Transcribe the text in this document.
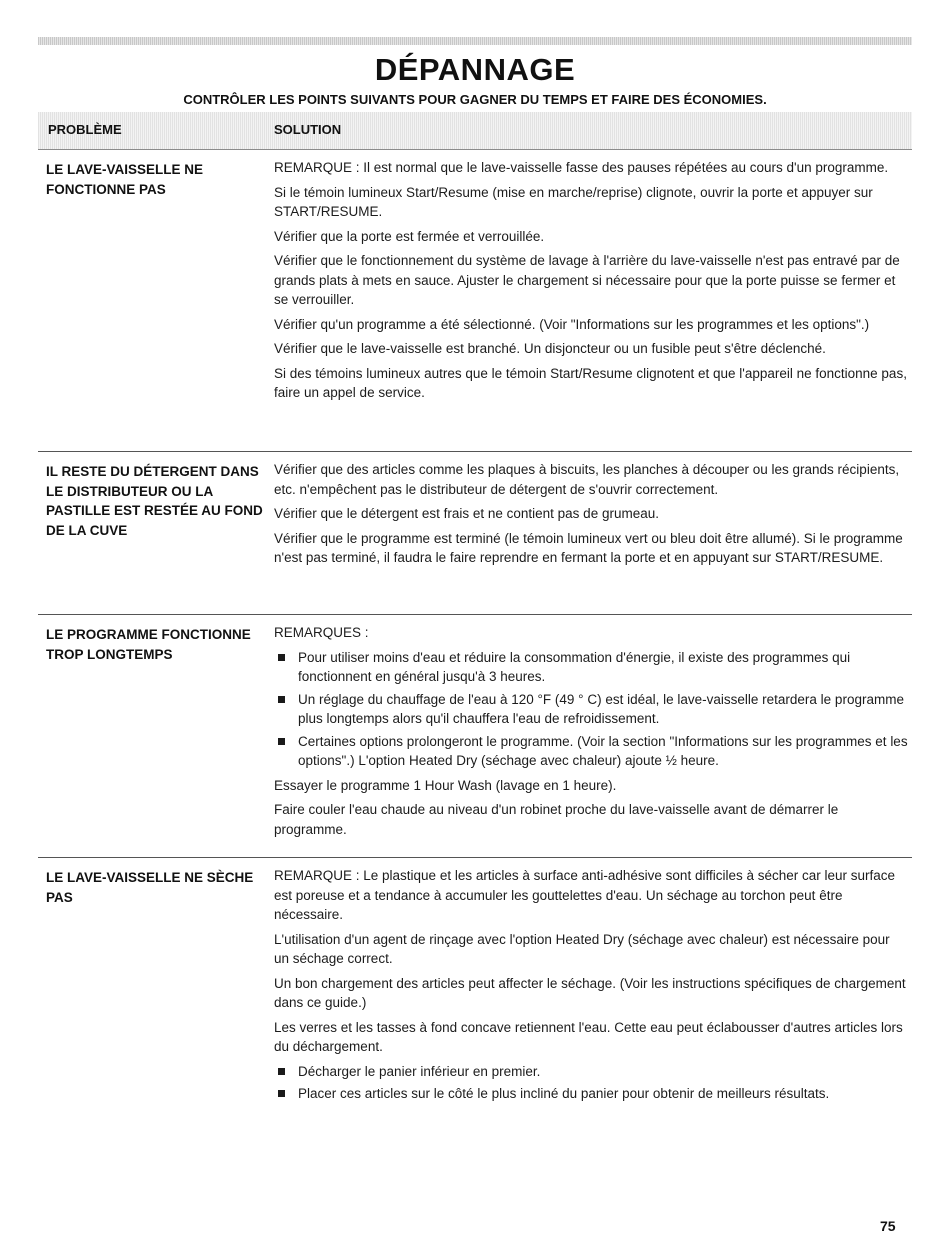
DÉPANNAGE
CONTRÔLER LES POINTS SUIVANTS POUR GAGNER DU TEMPS ET FAIRE DES ÉCONOMIES.
PROBLÈME	SOLUTION
LE LAVE-VAISSELLE NE FONCTIONNE PAS

REMARQUE : Il est normal que le lave-vaisselle fasse des pauses répétées au cours d'un programme.

Si le témoin lumineux Start/Resume (mise en marche/reprise) clignote, ouvrir la porte et appuyer sur START/RESUME.

Vérifier que la porte est fermée et verrouillée.

Vérifier que le fonctionnement du système de lavage à l'arrière du lave-vaisselle n'est pas entravé par de grands plats à mets en sauce. Ajuster le chargement si nécessaire pour que la porte puisse se fermer et se verrouiller.

Vérifier qu'un programme a été sélectionné. (Voir "Informations sur les programmes et les options".)

Vérifier que le lave-vaisselle est branché. Un disjoncteur ou un fusible peut s'être déclenché.

Si des témoins lumineux autres que le témoin Start/Resume clignotent et que l'appareil ne fonctionne pas, faire un appel de service.

IL RESTE DU DÉTERGENT DANS LE DISTRIBUTEUR OU LA PASTILLE EST RESTÉE AU FOND DE LA CUVE

Vérifier que des articles comme les plaques à biscuits, les planches à découper ou les grands récipients, etc. n'empêchent pas le distributeur de détergent de s'ouvrir correctement.

Vérifier que le détergent est frais et ne contient pas de grumeau.

Vérifier que le programme est terminé (le témoin lumineux vert ou bleu doit être allumé). Si le programme n'est pas terminé, il faudra le faire reprendre en fermant la porte et en appuyant sur START/RESUME.

LE PROGRAMME FONCTIONNE TROP LONGTEMPS

REMARQUES :

Pour utiliser moins d'eau et réduire la consommation d'énergie, il existe des programmes qui fonctionnent en général jusqu'à 3 heures.
Un réglage du chauffage de l'eau à 120 °F (49 ° C) est idéal, le lave-vaisselle retardera le programme plus longtemps alors qu'il chauffera l'eau de refroidissement.
Certaines options prolongeront le programme. (Voir la section "Informations sur les programmes et les options".) L'option Heated Dry (séchage avec chaleur) ajoute ½ heure.

Essayer le programme 1 Hour Wash (lavage en 1 heure).

Faire couler l'eau chaude au niveau d'un robinet proche du lave-vaisselle avant de démarrer le programme.

LE LAVE-VAISSELLE NE SÈCHE PAS

REMARQUE : Le plastique et les articles à surface anti-adhésive sont difficiles à sécher car leur surface est poreuse et a tendance à accumuler les gouttelettes d'eau. Un séchage au torchon peut être nécessaire.

L'utilisation d'un agent de rinçage avec l'option Heated Dry (séchage avec chaleur) est nécessaire pour un séchage correct.

Un bon chargement des articles peut affecter le séchage. (Voir les instructions spécifiques de chargement dans ce guide.)

Les verres et les tasses à fond concave retiennent l'eau. Cette eau peut éclabousser d'autres articles lors du déchargement.

Décharger le panier inférieur en premier.
Placer ces articles sur le côté le plus incliné du panier pour obtenir de meilleurs résultats.
75
